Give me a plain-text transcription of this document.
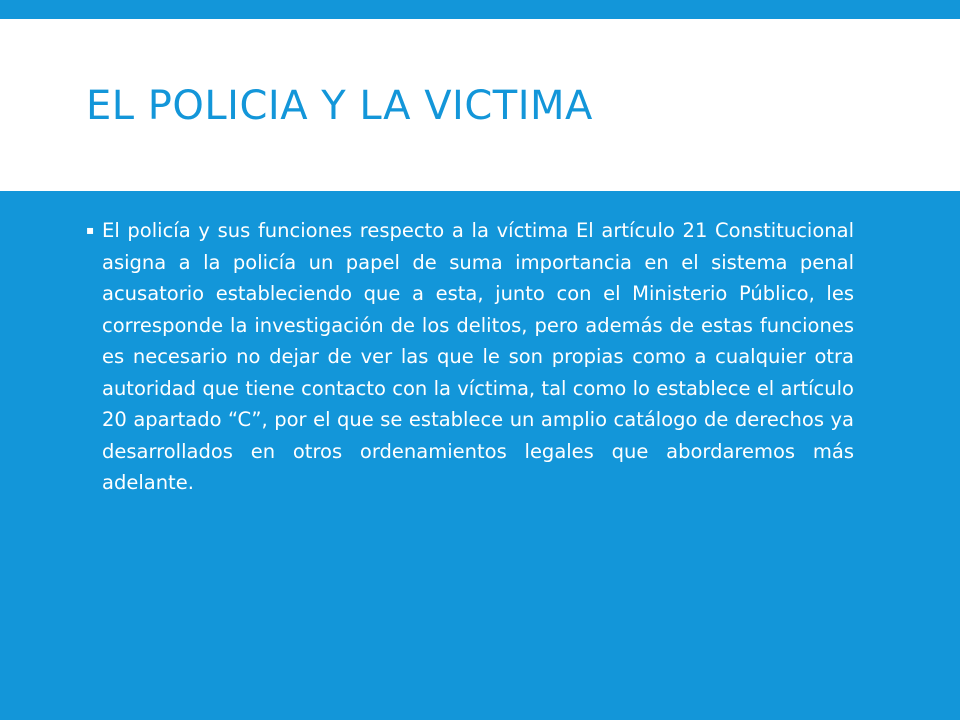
EL POLICIA Y LA VICTIMA
▪ El policía y sus funciones respecto a la víctima El artículo 21 Constitucional asigna a la policía un papel de suma importancia en el sistema penal acusatorio estableciendo que a esta, junto con el Ministerio Público, les corresponde la investigación de los delitos, pero además de estas funciones es necesario no dejar de ver las que le son propias como a cualquier otra autoridad que tiene contacto con la víctima, tal como lo establece el artículo 20 apartado “C”, por el que se establece un amplio catálogo de derechos ya desarrollados en otros ordenamientos legales que abordaremos más adelante.
